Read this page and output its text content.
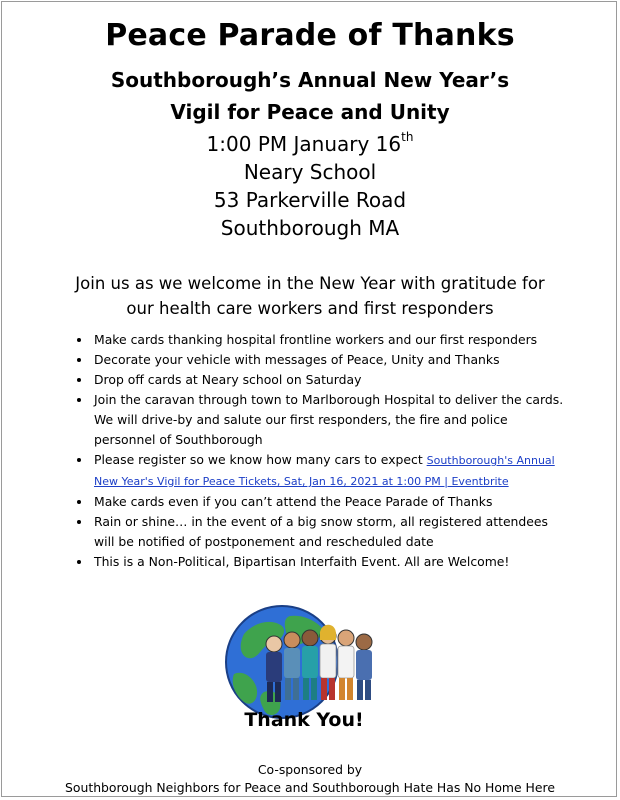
Peace Parade of Thanks
Southborough’s Annual New Year’s
Vigil for Peace and Unity
1:00 PM January 16th
Neary School
53 Parkerville Road
Southborough MA
Join us as we welcome in the New Year with gratitude for
our health care workers and first responders
• Make cards thanking hospital frontline workers and our first responders
• Decorate your vehicle with messages of Peace, Unity and Thanks
• Drop off cards at Neary school on Saturday
• Join the caravan through town to Marlborough Hospital to deliver the cards. We will drive-by and salute our first responders, the fire and police personnel of Southborough
• Please register so we know how many cars to expect Southborough's Annual New Year's Vigil for Peace Tickets, Sat, Jan 16, 2021 at 1:00 PM | Eventbrite
• Make cards even if you can’t attend the Peace Parade of Thanks
• Rain or shine… in the event of a big snow storm, all registered attendees will be notified of postponement and rescheduled date
• This is a Non-Political, Bipartisan Interfaith Event. All are Welcome!
Thank You!
Co-sponsored by
Southborough Neighbors for Peace and Southborough Hate Has No Home Here
